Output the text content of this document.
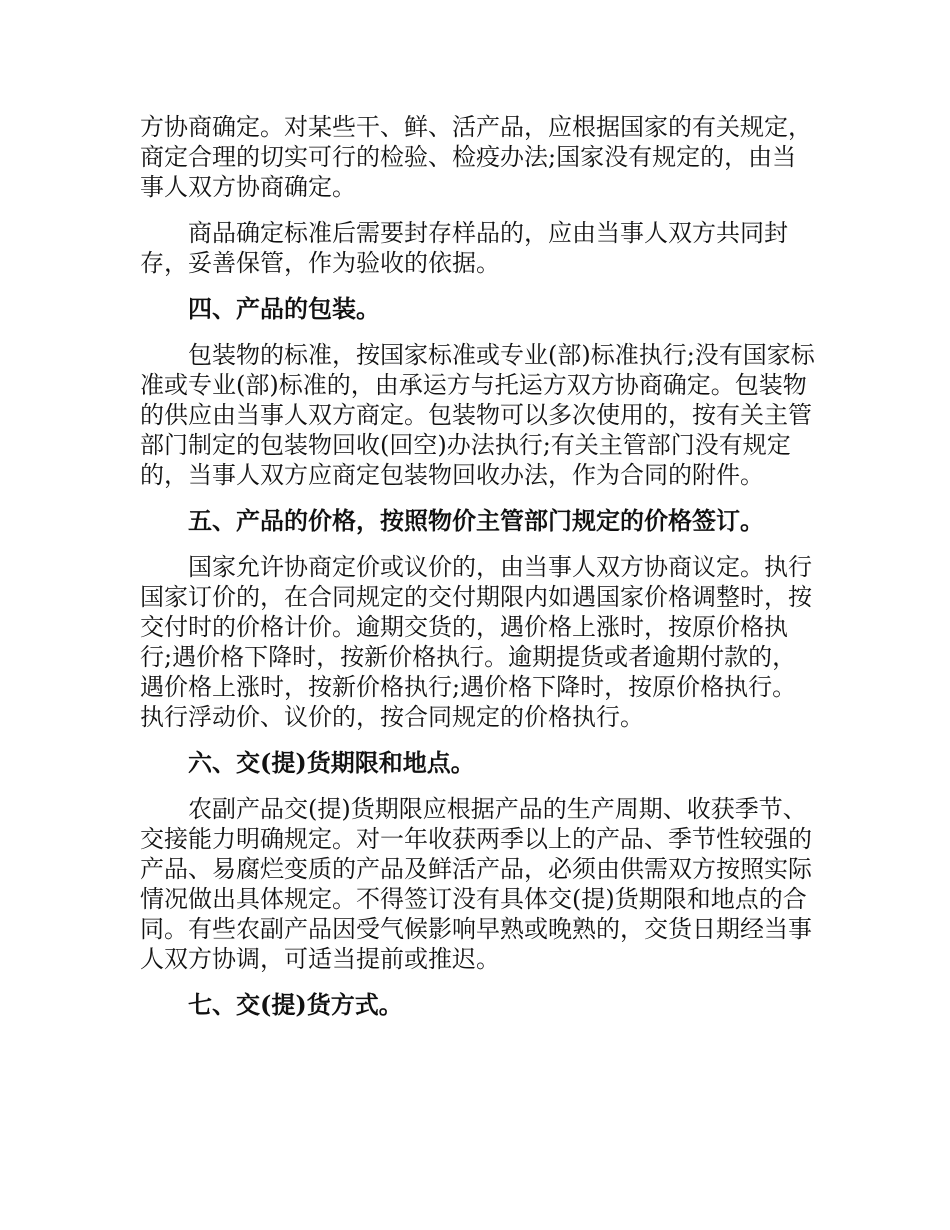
方协商确定。对某些干、鲜、活产品，应根据国家的有关规定，商定合理的切实可行的检验、检疫办法;国家没有规定的，由当事人双方协商确定。

商品确定标准后需要封存样品的，应由当事人双方共同封存，妥善保管，作为验收的依据。

四、产品的包装。

包装物的标准，按国家标准或专业(部)标准执行;没有国家标准或专业(部)标准的，由承运方与托运方双方协商确定。包装物的供应由当事人双方商定。包装物可以多次使用的，按有关主管部门制定的包装物回收(回空)办法执行;有关主管部门没有规定的，当事人双方应商定包装物回收办法，作为合同的附件。

五、产品的价格，按照物价主管部门规定的价格签订。

国家允许协商定价或议价的，由当事人双方协商议定。执行国家订价的，在合同规定的交付期限内如遇国家价格调整时，按交付时的价格计价。逾期交货的，遇价格上涨时，按原价格执行;遇价格下降时，按新价格执行。逾期提货或者逾期付款的，遇价格上涨时，按新价格执行;遇价格下降时，按原价格执行。执行浮动价、议价的，按合同规定的价格执行。

六、交(提)货期限和地点。

农副产品交(提)货期限应根据产品的生产周期、收获季节、交接能力明确规定。对一年收获两季以上的产品、季节性较强的产品、易腐烂变质的产品及鲜活产品，必须由供需双方按照实际情况做出具体规定。不得签订没有具体交(提)货期限和地点的合同。有些农副产品因受气候影响早熟或晚熟的，交货日期经当事人双方协调，可适当提前或推迟。

七、交(提)货方式。
